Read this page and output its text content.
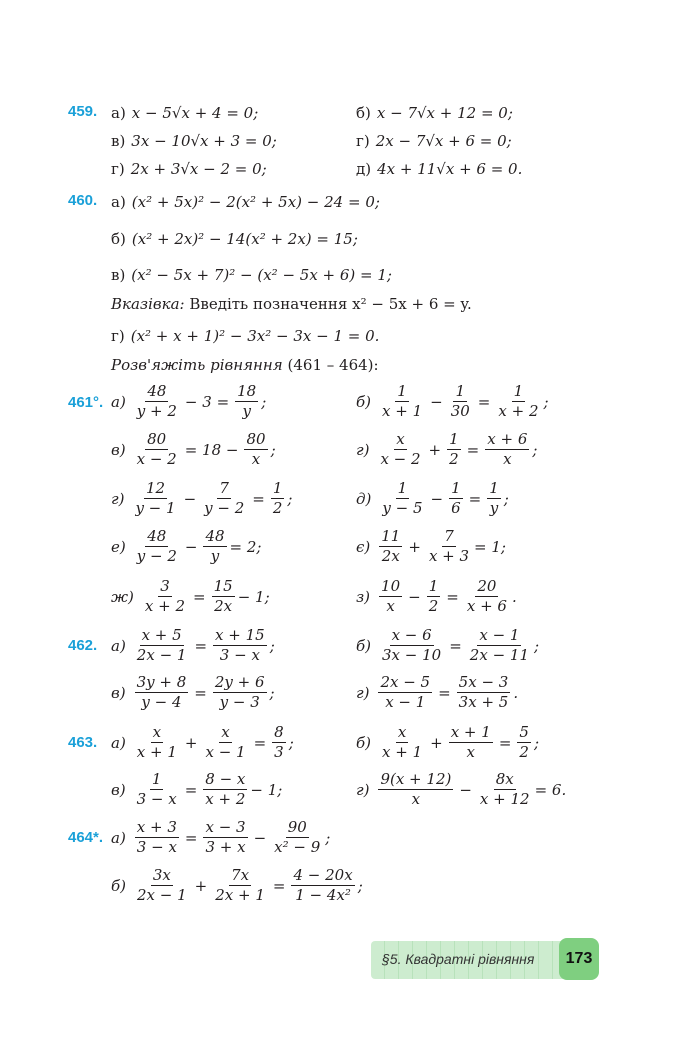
459. а) x − 5√x + 4 = 0;	б) x − 7√x + 12 = 0;
в) 3x − 10√x + 3 = 0;	г) 2x − 7√x + 6 = 0;
г) 2x + 3√x − 2 = 0;	д) 4x + 11√x + 6 = 0.
460. а) (x² + 5x)² − 2(x² + 5x) − 24 = 0;
б) (x² + 2x)² − 14(x² + 2x) = 15;
в) (x² − 5x + 7)² − (x² − 5x + 6) = 1;
Вказівка: Введіть позначення x² − 5x + 6 = y.
г) (x² + x + 1)² − 3x² − 3x − 1 = 0.
Розв'яжіть рівняння (461 – 464):
461°. $а) \frac{48}{y + 2} - 3 = \frac{18}{y}$ ;	$б) \frac{1}{x + 1} - \frac{1}{30} = \frac{1}{x + 2}$ ;
$в) \frac{80}{x - 2} = 18 - \frac{80}{x}$ ;	$г) \frac{x}{x - 2} + \frac{1}{2} = \frac{x + 6}{x}$ ;
$г) \frac{12}{y - 1} - \frac{7}{y - 2} = \frac{1}{2}$ ;	$д) \frac{1}{y - 5} - \frac{1}{6} = \frac{1}{y}$ ;
$е) \frac{48}{y - 2} - \frac{48}{y} = 2$;	$є) \frac{11}{2x} + \frac{7}{x + 3} = 1$;
$ж) \frac{3}{x + 2} = \frac{15}{2x} - 1$;	$з) \frac{10}{x} - \frac{1}{2} = \frac{20}{x + 6}$ .
462. $а) \frac{x + 5}{2x - 1} = \frac{x + 15}{3 - x}$ ;	$б) \frac{x - 6}{3x - 10} = \frac{x - 1}{2x - 11}$ ;
$в) \frac{3y + 8}{y - 4} = \frac{2y + 6}{y - 3}$ ;	$г) \frac{2x - 5}{x - 1} = \frac{5x - 3}{3x + 5}$ .
463. $а) \frac{x}{x + 1} + \frac{x}{x - 1} = \frac{8}{3}$ ;	$б) \frac{x}{x + 1} + \frac{x + 1}{x} = \frac{5}{2}$ ;
$в) \frac{1}{3 - x} = \frac{8 - x}{x + 2} - 1$;	$г) \frac{9(x + 12)}{x} - \frac{8x}{x + 12} = 6$.
464*. $а) \frac{x + 3}{3 - x} = \frac{x - 3}{3 + x} - \frac{90}{\text{x² − 9}}$ ;
$б) \frac{3x}{2x - 1} + \frac{7x}{2x + 1} = \frac{4 - 20x}{\text{1 − 4x²}}$ ;
§5. Квадратні рівняння	173
